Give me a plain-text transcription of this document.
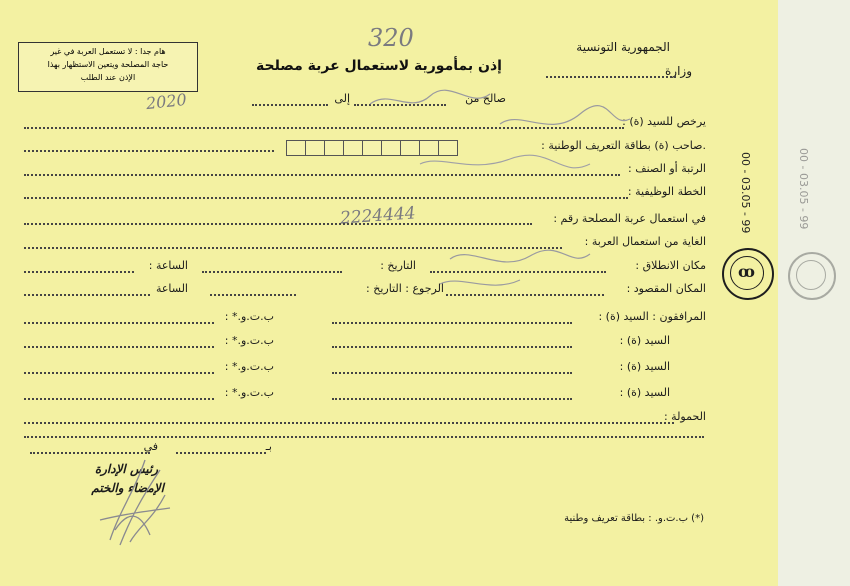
الجمهورية التونسية
وزارة
إذن بمأمورية لاستعمال عربة مصلحة
320
هام جدا : لا تستعمل العربة في غير
حاجة المصلحة ويتعين الاستظهار بهذا
الإذن عند الطلب
صالح من
إلى
2020
يرخص للسيد (ة) :
.صاحب (ة) بطاقة التعريف الوطنية :
الرتبة أو الصنف :
الخطة الوظيفية :
في استعمال عربة المصلحة رقم :
2224444
الغاية من استعمال العربة :
مكان الانطلاق :
التاريخ :
الساعة :
المكان المقصود :
الرجوع : التاريخ :
الساعة
المرافقون : السيد (ة) :
ب.ت.و.* :
السيد (ة) :
ب.ت.و.* :
السيد (ة) :
ب.ت.و.* :
السيد (ة) :
ب.ت.و.* :
الحمولة :
في	بـ
رئيس الإدارة
الإمضاء والختم
(*) ب.ت.و. : بطاقة تعريف وطنية
ꝏ
00 - 03.05 - 99	00 - 03.05 - 99
